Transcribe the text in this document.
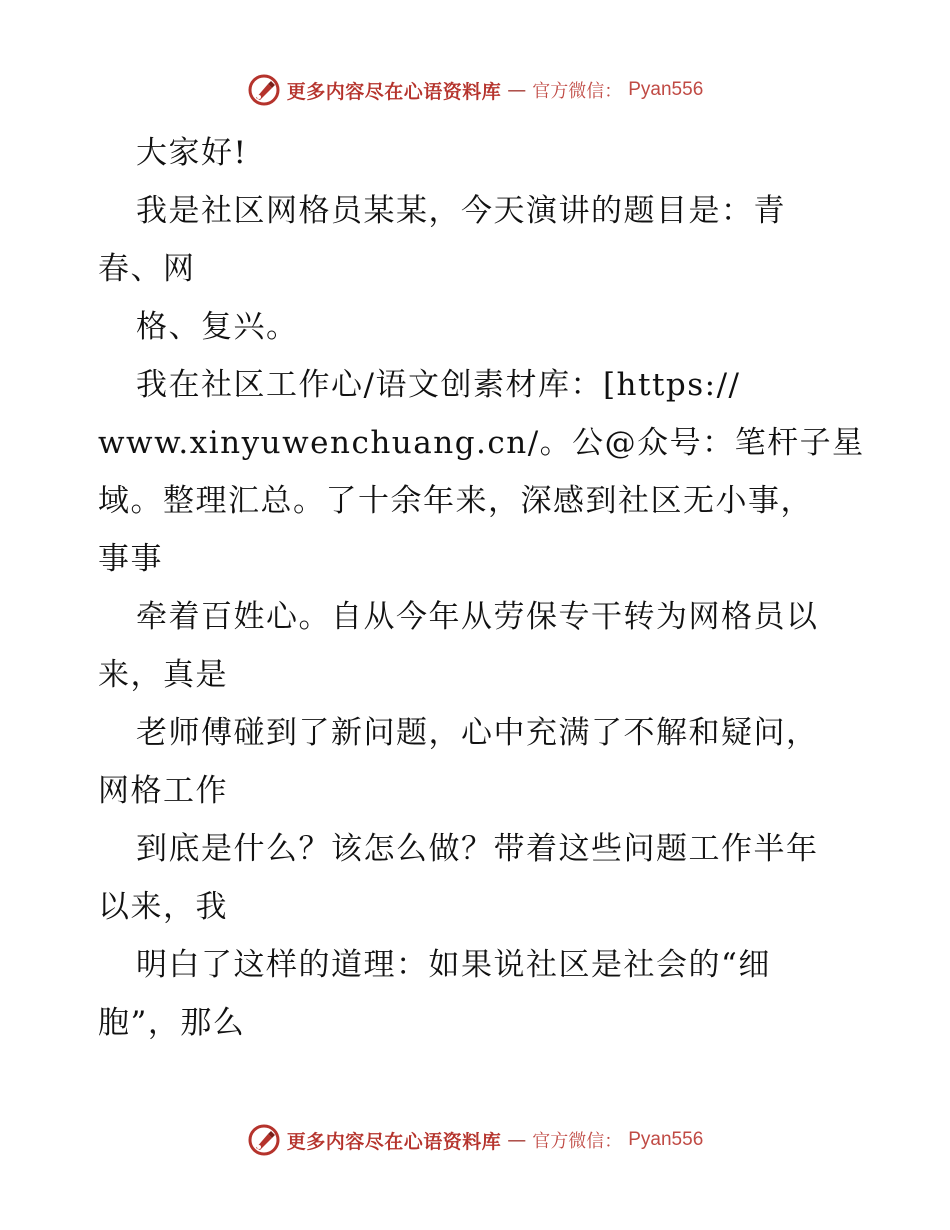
更多内容尽在心语资料库 — 官方微信： Pyan556
大家好!
我是社区网格员某某，今天演讲的题目是：青
春、网
格、复兴。
我在社区工作心/语文创素材库：[https://
www.xinyuwenchuang.cn/。公@众号：笔杆子星
域。整理汇总。了十余年来，深感到社区无小事，
事事
牵着百姓心。自从今年从劳保专干转为网格员以
来，真是
老师傅碰到了新问题，心中充满了不解和疑问，
网格工作
到底是什么？该怎么做？带着这些问题工作半年
以来，我
明白了这样的道理：如果说社区是社会的“细
胞”，那么
更多内容尽在心语资料库 — 官方微信： Pyan556
